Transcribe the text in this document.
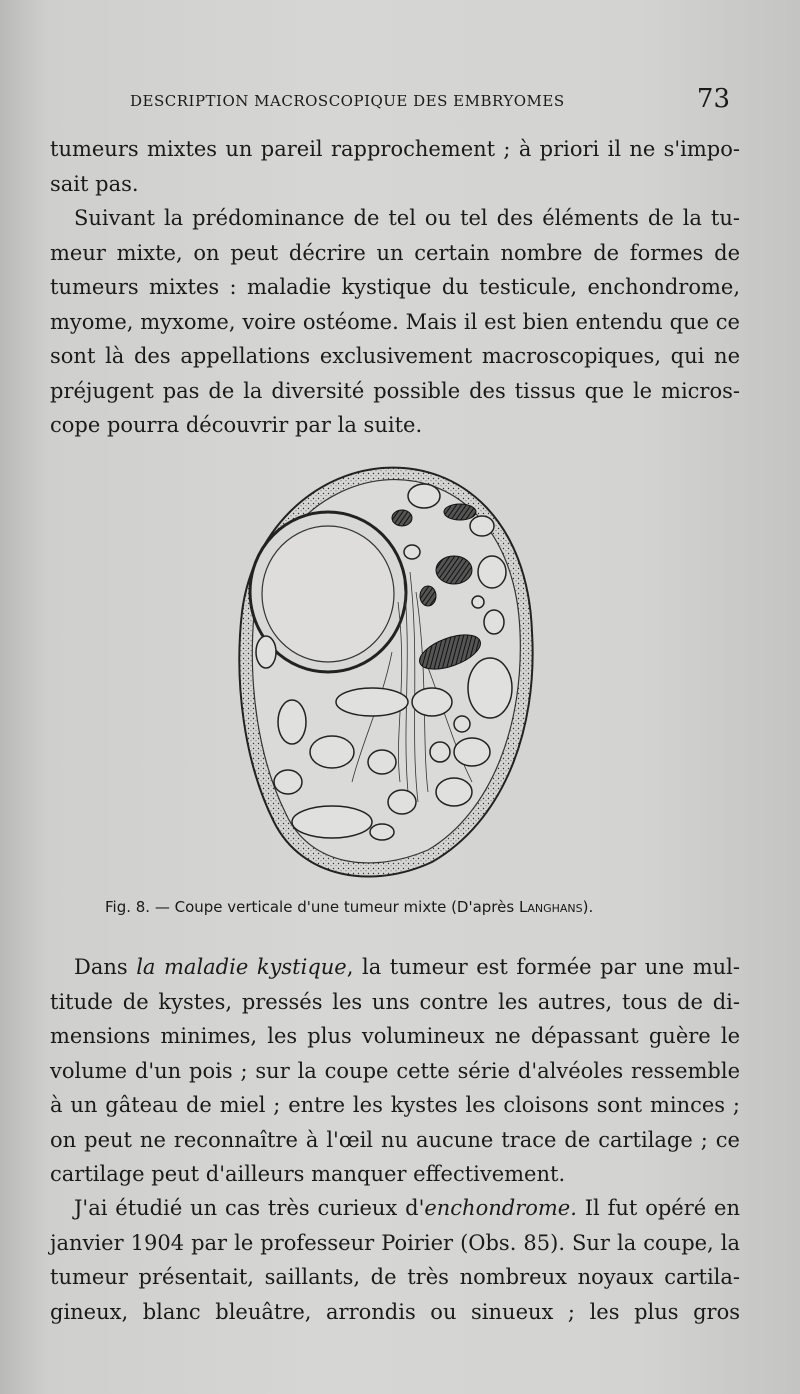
DESCRIPTION MACROSCOPIQUE DES EMBRYOMES	73

tumeurs mixtes un pareil rapprochement ; à priori il ne s'impo-
sait pas.

Suivant la prédominance de tel ou tel des éléments de la tu-
meur mixte, on peut décrire un certain nombre de formes de
tumeurs mixtes : maladie kystique du testicule, enchondrome,
myome, myxome, voire ostéome. Mais il est bien entendu que ce
sont là des appellations exclusivement macroscopiques, qui ne
préjugent pas de la diversité possible des tissus que le micros-
cope pourra découvrir par la suite.

Fig. 8. — Coupe verticale d'une tumeur mixte (D'après Langhans).

Dans la maladie kystique, la tumeur est formée par une mul-
titude de kystes, pressés les uns contre les autres, tous de di-
mensions minimes, les plus volumineux ne dépassant guère le
volume d'un pois ; sur la coupe cette série d'alvéoles ressemble
à un gâteau de miel ; entre les kystes les cloisons sont minces ;
on peut ne reconnaître à l'œil nu aucune trace de cartilage ; ce
cartilage peut d'ailleurs manquer effectivement.

J'ai étudié un cas très curieux d'enchondrome. Il fut opéré en
janvier 1904 par le professeur Poirier (Obs. 85). Sur la coupe, la
tumeur présentait, saillants, de très nombreux noyaux cartila-
gineux, blanc bleuâtre, arrondis ou sinueux ; les plus gros
